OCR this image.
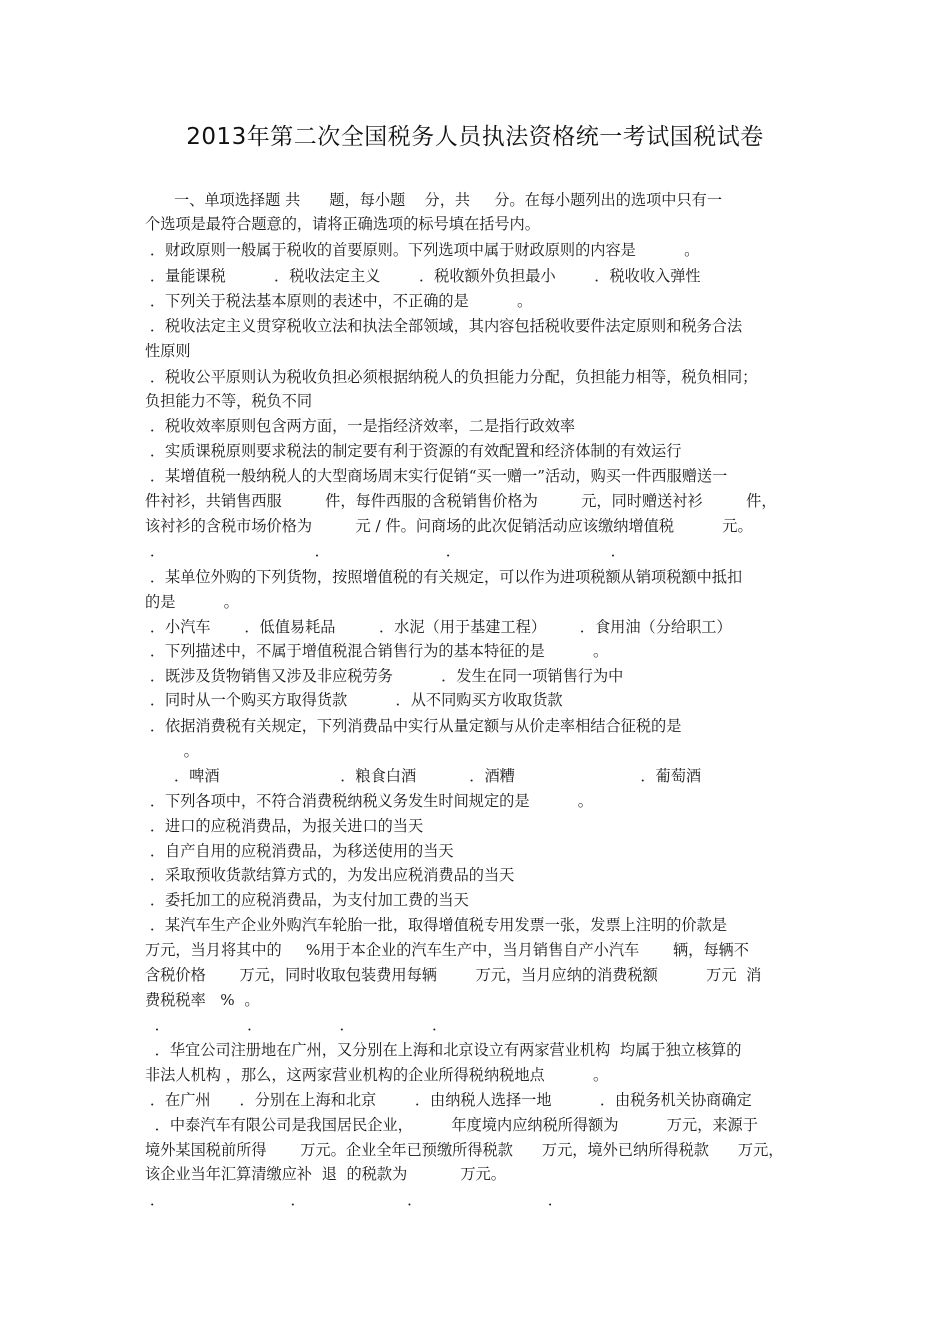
2013年第二次全国税务人员执法资格统一考试国税试卷
一、单项选择题 共      题，每小题    分，共     分。在每小题列出的选项中只有一
个选项是最符合题意的，请将正确选项的标号填在括号内。
．财政原则一般属于税收的首要原则。下列选项中属于财政原则的内容是          。
．量能课税          ．税收法定主义        ．税收额外负担最小        ．税收收入弹性
．下列关于税法基本原则的表述中，不正确的是          。
．税收法定主义贯穿税收立法和执法全部领域，其内容包括税收要件法定原则和税务合法
性原则
．税收公平原则认为税收负担必须根据纳税人的负担能力分配，负担能力相等，税负相同；
负担能力不等，税负不同
．税收效率原则包含两方面，一是指经济效率，二是指行政效率
．实质课税原则要求税法的制定要有利于资源的有效配置和经济体制的有效运行
．某增值税一般纳税人的大型商场周末实行促销“买一赠一”活动，购买一件西服赠送一
件衬衫，共销售西服         件，每件西服的含税销售价格为         元，同时赠送衬衫         件，
该衬衫的含税市场价格为         元 / 件。问商场的此次促销活动应该缴纳增值税          元。
．                               ．                        ．                               ．
．某单位外购的下列货物，按照增值税的有关规定，可以作为进项税额从销项税额中抵扣
的是          。
．小汽车       ．低值易耗品         ．水泥（用于基建工程）       ．食用油（分给职工）
．下列描述中，不属于增值税混合销售行为的基本特征的是          。
．既涉及货物销售又涉及非应税劳务          ．发生在同一项销售行为中
．同时从一个购买方取得货款          ．从不同购买方收取货款
．依据消费税有关规定，下列消费品中实行从量定额与从价走率相结合征税的是
。
．啤酒                         ．粮食白酒           ．酒糟                          ．葡萄酒
．下列各项中，不符合消费税纳税义务发生时间规定的是          。
．进口的应税消费品，为报关进口的当天
．自产自用的应税消费品，为移送使用的当天
．采取预收货款结算方式的，为发出应税消费品的当天
．委托加工的应税消费品，为支付加工费的当天
．某汽车生产企业外购汽车轮胎一批，取得增值税专用发票一张，发票上注明的价款是
万元，当月将其中的     %用于本企业的汽车生产中，当月销售自产小汽车       辆，每辆不
含税价格       万元，同时收取包装费用每辆        万元，当月应纳的消费税额          万元  消
费税税率   %  。
．                ．                ．                ．
．华宜公司注册地在广州，又分别在上海和北京设立有两家营业机构  均属于独立核算的
非法人机构 ，那么，这两家营业机构的企业所得税纳税地点          。
．在广州      ．分别在上海和北京        ．由纳税人选择一地          ．由税务机关协商确定
．中泰汽车有限公司是我国居民企业，        年度境内应纳税所得额为          万元，来源于
境外某国税前所得       万元。企业全年已预缴所得税款      万元，境外已纳所得税款      万元，
该企业当年汇算清缴应补  退  的税款为           万元。
．                          ．                     ．                          ．
